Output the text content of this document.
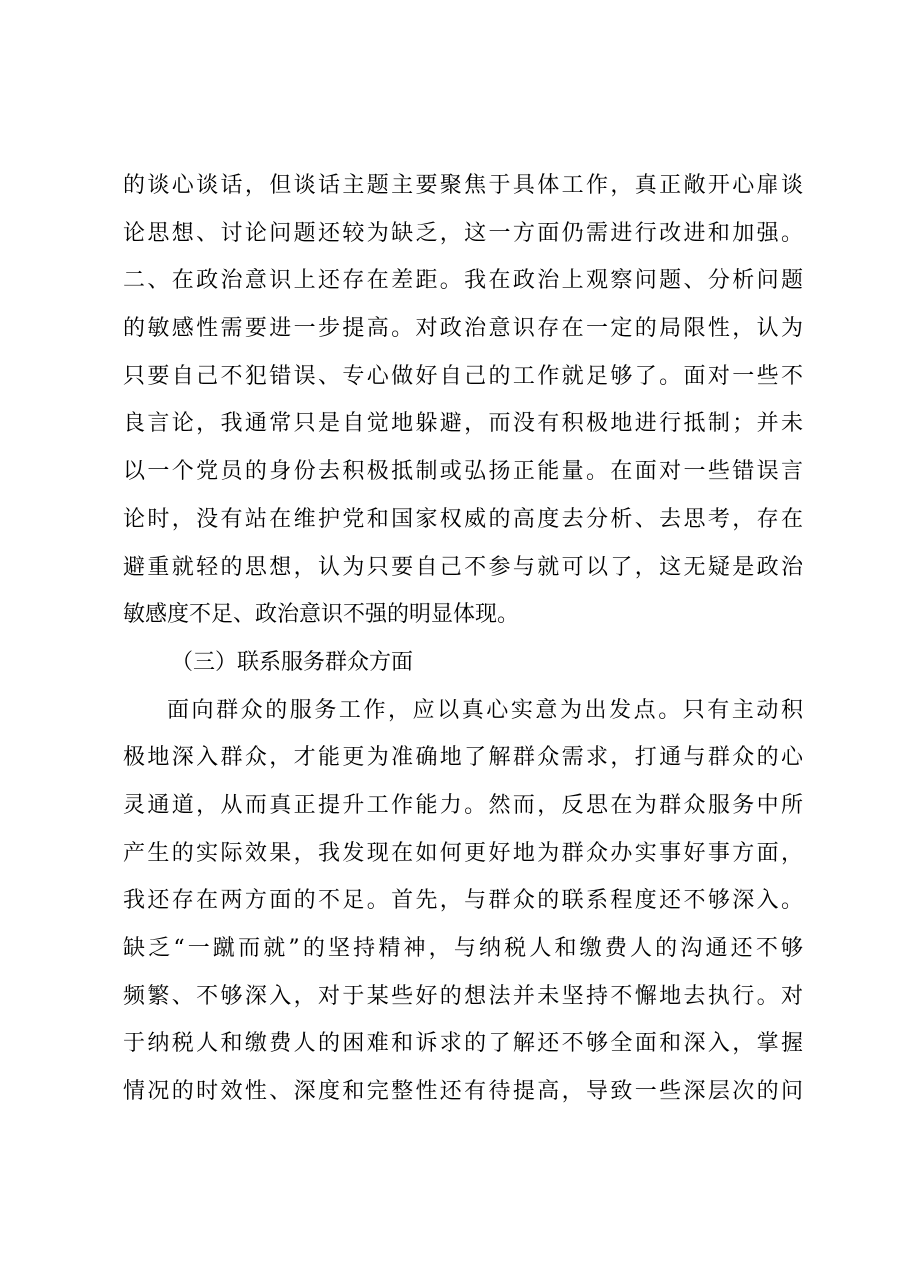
的谈心谈话，但谈话主题主要聚焦于具体工作，真正敞开心扉谈
论思想、讨论问题还较为缺乏，这一方面仍需进行改进和加强。
二、在政治意识上还存在差距。我在政治上观察问题、分析问题
的敏感性需要进一步提高。对政治意识存在一定的局限性，认为
只要自己不犯错误、专心做好自己的工作就足够了。面对一些不
良言论，我通常只是自觉地躲避，而没有积极地进行抵制；并未
以一个党员的身份去积极抵制或弘扬正能量。在面对一些错误言
论时，没有站在维护党和国家权威的高度去分析、去思考，存在
避重就轻的思想，认为只要自己不参与就可以了，这无疑是政治
敏感度不足、政治意识不强的明显体现。
（三）联系服务群众方面
面向群众的服务工作，应以真心实意为出发点。只有主动积
极地深入群众，才能更为准确地了解群众需求，打通与群众的心
灵通道，从而真正提升工作能力。然而，反思在为群众服务中所
产生的实际效果，我发现在如何更好地为群众办实事好事方面，
我还存在两方面的不足。首先，与群众的联系程度还不够深入。
缺乏“一蹴而就”的坚持精神，与纳税人和缴费人的沟通还不够
频繁、不够深入，对于某些好的想法并未坚持不懈地去执行。对
于纳税人和缴费人的困难和诉求的了解还不够全面和深入，掌握
情况的时效性、深度和完整性还有待提高，导致一些深层次的问
